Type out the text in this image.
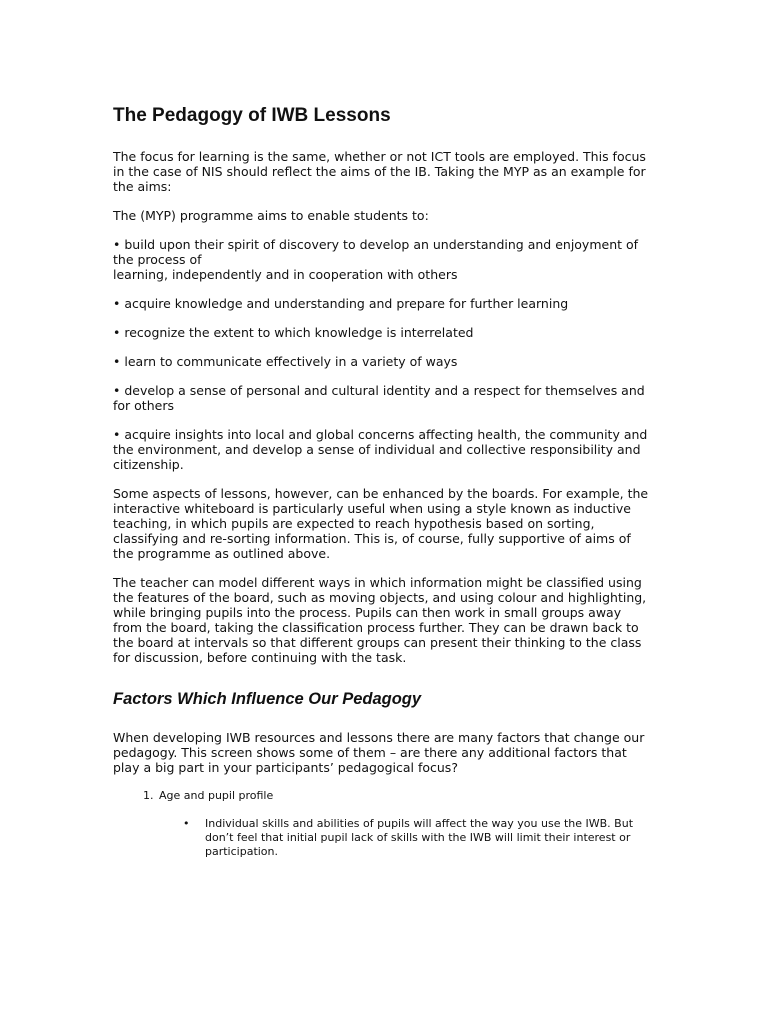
The Pedagogy of IWB Lessons

The focus for learning is the same, whether or not ICT tools are employed. This focus in the case of NIS should reflect the aims of the IB. Taking the MYP as an example for the aims:

The (MYP) programme aims to enable students to:

• build upon their spirit of discovery to develop an understanding and enjoyment of the process of
learning, independently and in cooperation with others

• acquire knowledge and understanding and prepare for further learning

• recognize the extent to which knowledge is interrelated

• learn to communicate effectively in a variety of ways

• develop a sense of personal and cultural identity and a respect for themselves and for others

• acquire insights into local and global concerns affecting health, the community and the environment, and develop a sense of individual and collective responsibility and citizenship.

Some aspects of lessons, however, can be enhanced by the boards. For example, the interactive whiteboard is particularly useful when using a style known as inductive teaching, in which pupils are expected to reach hypothesis based on sorting, classifying and re-sorting information. This is, of course, fully supportive of aims of the programme as outlined above.

The teacher can model different ways in which information might be classified using the features of the board, such as moving objects, and using colour and highlighting, while bringing pupils into the process. Pupils can then work in small groups away from the board, taking the classification process further. They can be drawn back to the board at intervals so that different groups can present their thinking to the class for discussion, before continuing with the task.

Factors Which Influence Our Pedagogy

When developing IWB resources and lessons there are many factors that change our pedagogy. This screen shows some of them – are there any additional factors that play a big part in your participants’ pedagogical focus?

1. Age and pupil profile
• Individual skills and abilities of pupils will affect the way you use the IWB. But don’t feel that initial pupil lack of skills with the IWB will limit their interest or participation.
